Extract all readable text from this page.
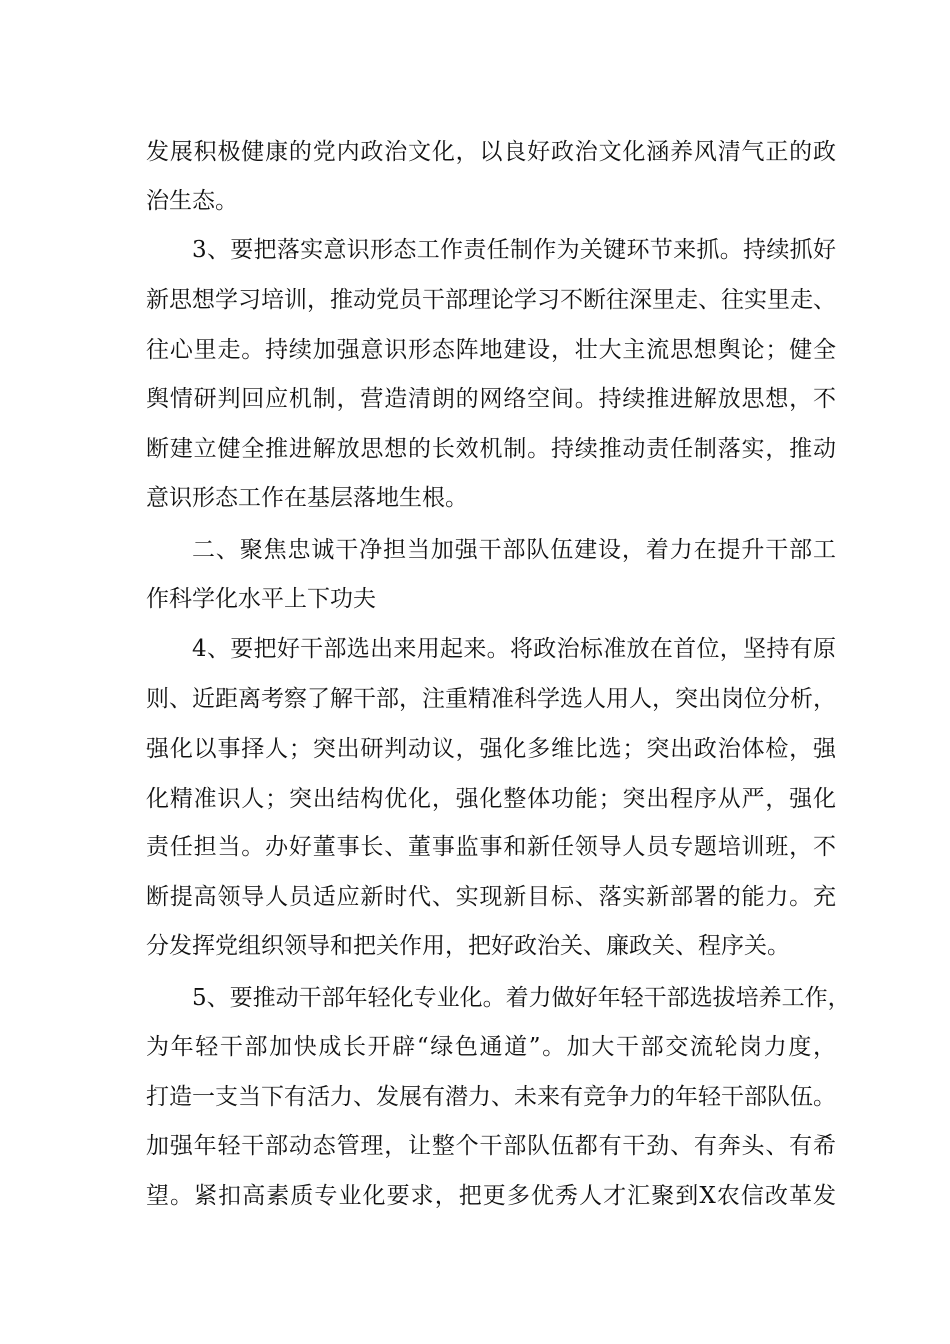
发展积极健康的党内政治文化，以良好政治文化涵养风清气正的政
治生态。
3、要把落实意识形态工作责任制作为关键环节来抓。持续抓好
新思想学习培训，推动党员干部理论学习不断往深里走、往实里走、
往心里走。持续加强意识形态阵地建设，壮大主流思想舆论；健全
舆情研判回应机制，营造清朗的网络空间。持续推进解放思想，不
断建立健全推进解放思想的长效机制。持续推动责任制落实，推动
意识形态工作在基层落地生根。
二、聚焦忠诚干净担当加强干部队伍建设，着力在提升干部工
作科学化水平上下功夫
4、要把好干部选出来用起来。将政治标准放在首位，坚持有原
则、近距离考察了解干部，注重精准科学选人用人，突出岗位分析，
强化以事择人；突出研判动议，强化多维比选；突出政治体检，强
化精准识人；突出结构优化，强化整体功能；突出程序从严，强化
责任担当。办好董事长、董事监事和新任领导人员专题培训班，不
断提高领导人员适应新时代、实现新目标、落实新部署的能力。充
分发挥党组织领导和把关作用，把好政治关、廉政关、程序关。
5、要推动干部年轻化专业化。着力做好年轻干部选拔培养工作，
为年轻干部加快成长开辟“绿色通道”。加大干部交流轮岗力度，
打造一支当下有活力、发展有潜力、未来有竞争力的年轻干部队伍。
加强年轻干部动态管理，让整个干部队伍都有干劲、有奔头、有希
望。紧扣高素质专业化要求，把更多优秀人才汇聚到X农信改革发
